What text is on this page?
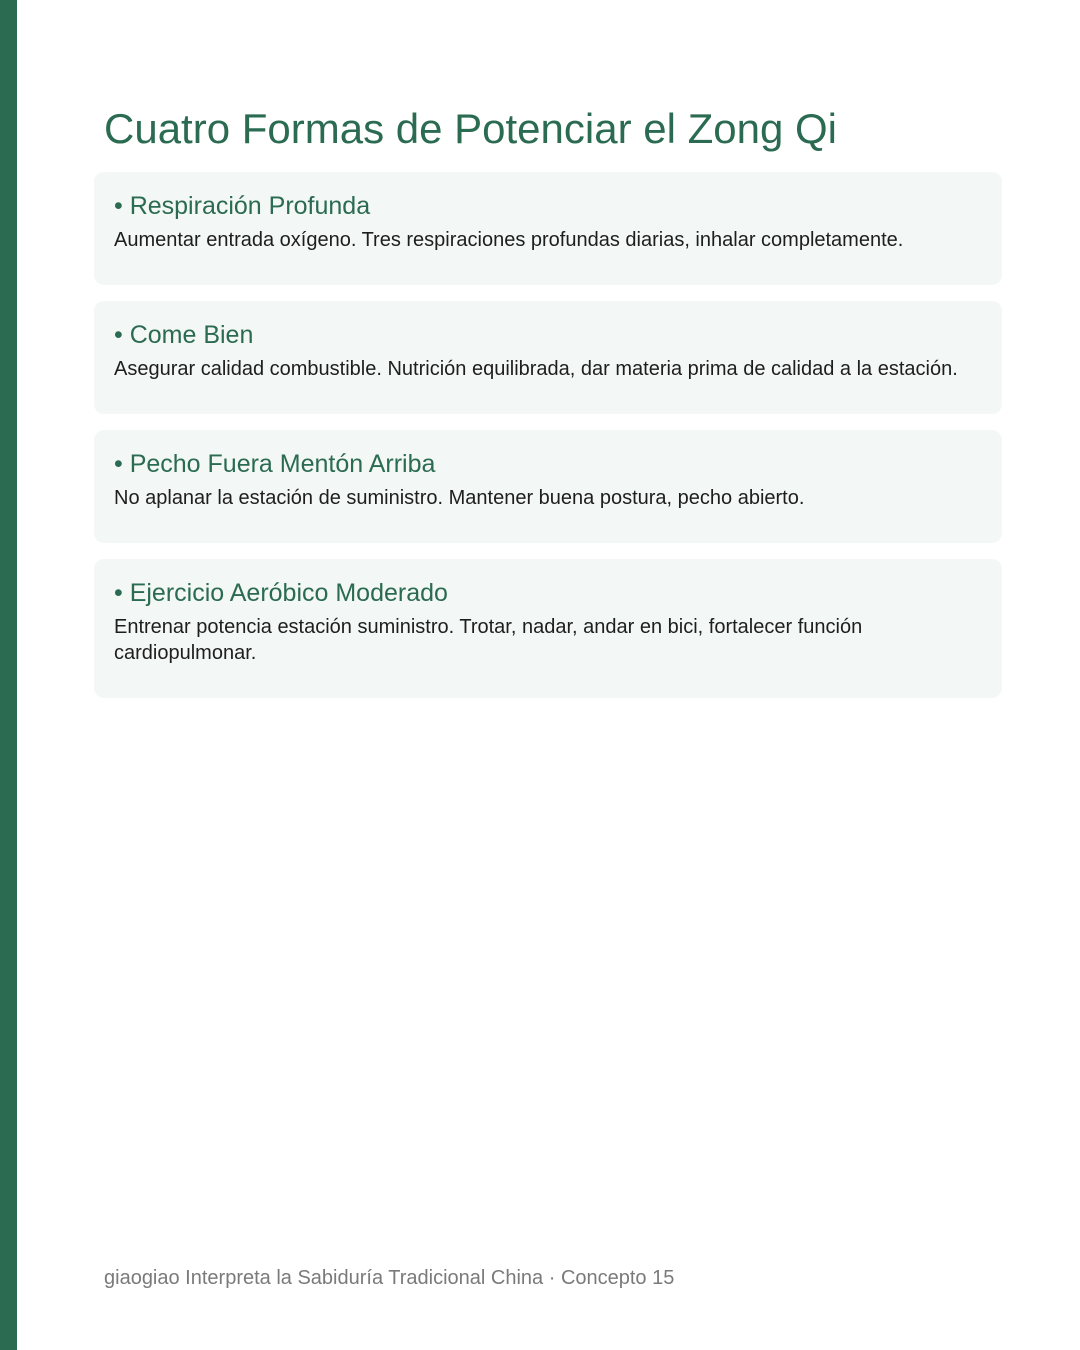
Cuatro Formas de Potenciar el Zong Qi
• Respiración Profunda

Aumentar entrada oxígeno. Tres respiraciones profundas diarias, inhalar completamente.

• Come Bien

Asegurar calidad combustible. Nutrición equilibrada, dar materia prima de calidad a la estación.

• Pecho Fuera Mentón Arriba

No aplanar la estación de suministro. Mantener buena postura, pecho abierto.

• Ejercicio Aeróbico Moderado

Entrenar potencia estación suministro. Trotar, nadar, andar en bici, fortalecer función cardiopulmonar.

giaogiao Interpreta la Sabiduría Tradicional China · Concepto 15
